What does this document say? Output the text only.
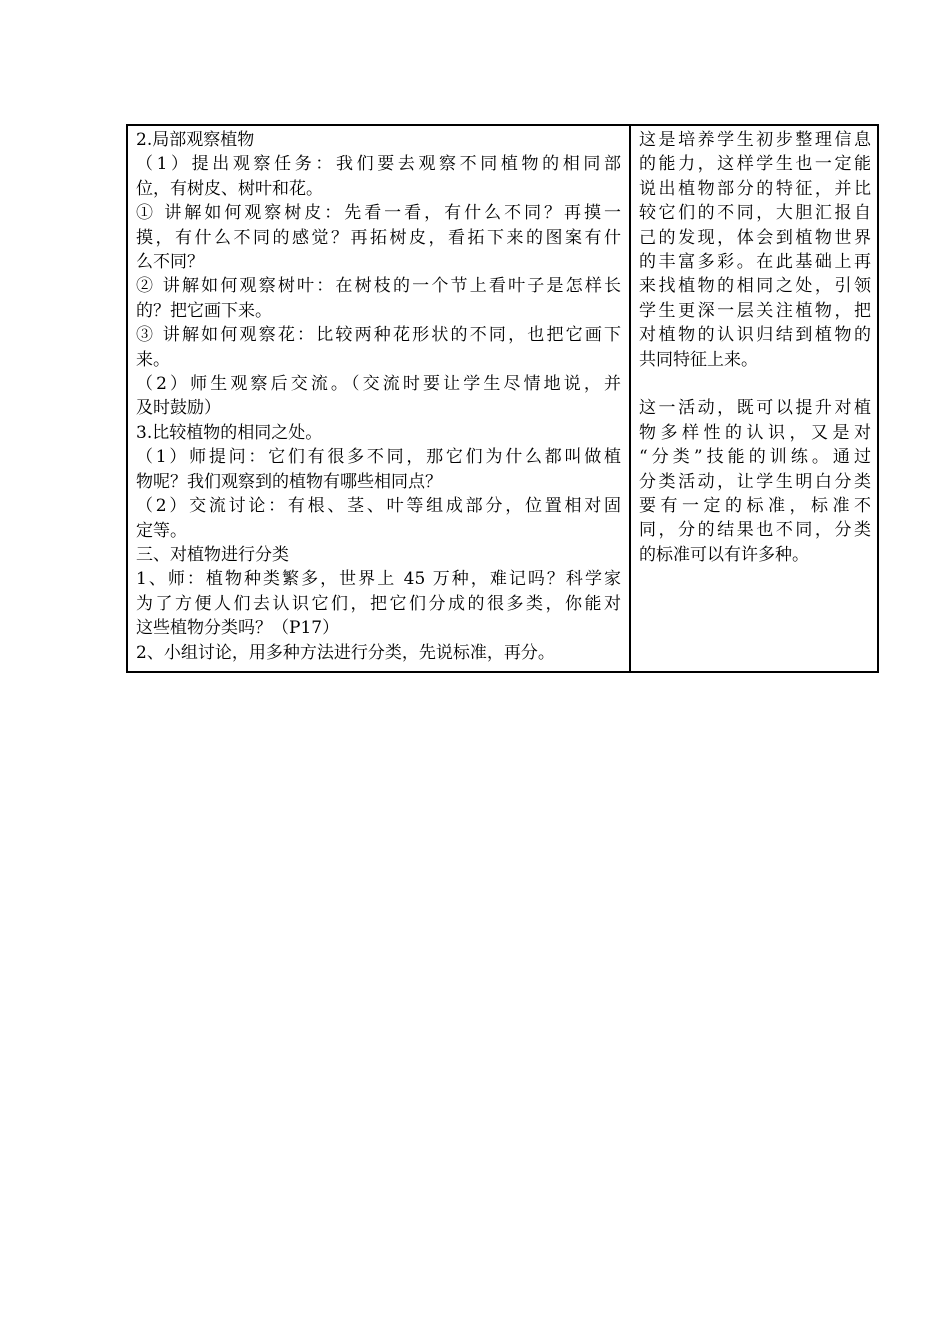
2.局部观察植物
（1）提出观察任务：我们要去观察不同植物的相同部
位，有树皮、树叶和花。
① 讲解如何观察树皮：先看一看，有什么不同？再摸一
摸，有什么不同的感觉？再拓树皮，看拓下来的图案有什
么不同？
② 讲解如何观察树叶：在树枝的一个节上看叶子是怎样长
的？把它画下来。
③ 讲解如何观察花：比较两种花形状的不同，也把它画下
来。
（2）师生观察后交流。（交流时要让学生尽情地说，并
及时鼓励）
3.比较植物的相同之处。
（1）师提问：它们有很多不同，那它们为什么都叫做植
物呢？我们观察到的植物有哪些相同点？
（2）交流讨论：有根、茎、叶等组成部分，位置相对固
定等。
三、对植物进行分类
1、师：植物种类繁多，世界上 45 万种，难记吗？科学家
为了方便人们去认识它们，把它们分成的很多类，你能对
这些植物分类吗？（P17）
2、小组讨论，用多种方法进行分类，先说标准，再分。

这是培养学生初步整理信息
的能力，这样学生也一定能
说出植物部分的特征，并比
较它们的不同，大胆汇报自
己的发现，体会到植物世界
的丰富多彩。在此基础上再
来找植物的相同之处，引领
学生更深一层关注植物，把
对植物的认识归结到植物的
共同特征上来。
这一活动，既可以提升对植
物多样性的认识，又是对
“分类”技能的训练。通过
分类活动，让学生明白分类
要有一定的标准，标准不
同，分的结果也不同，分类
的标准可以有许多种。
